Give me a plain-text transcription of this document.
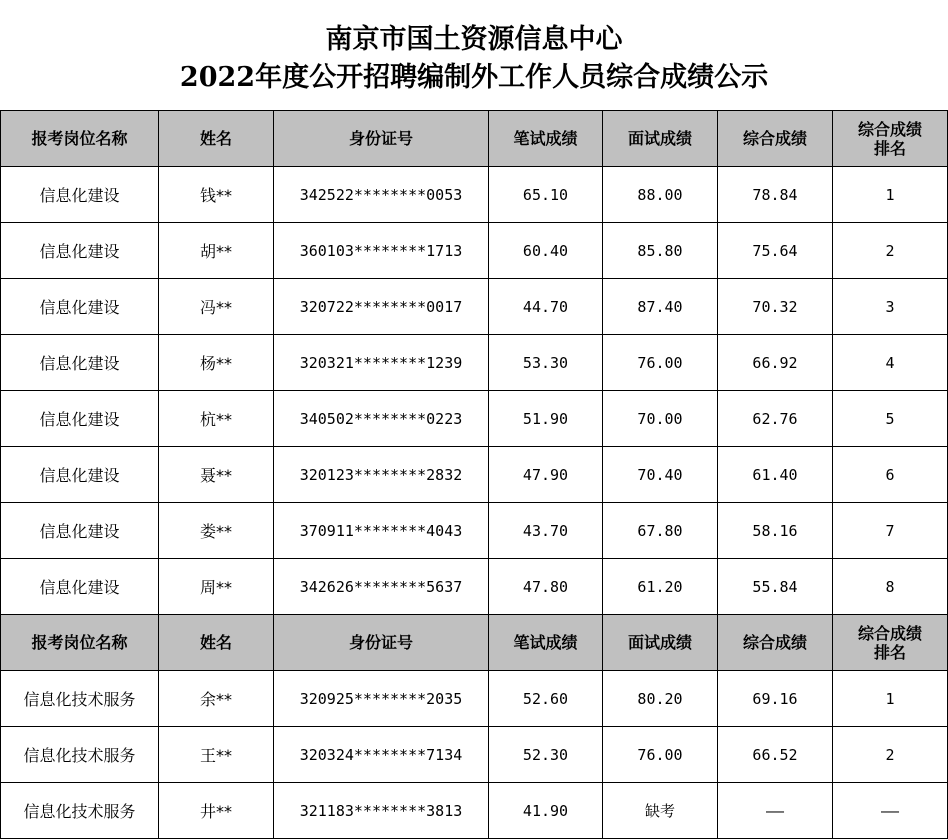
南京市国土资源信息中心
2022年度公开招聘编制外工作人员综合成绩公示
报考岗位名称	姓名	身份证号	笔试成绩	面试成绩	综合成绩	综合成绩
排名
信息化建设	钱**	342522********0053	65.10	88.00	78.84	1
信息化建设	胡**	360103********1713	60.40	85.80	75.64	2
信息化建设	冯**	320722********0017	44.70	87.40	70.32	3
信息化建设	杨**	320321********1239	53.30	76.00	66.92	4
信息化建设	杭**	340502********0223	51.90	70.00	62.76	5
信息化建设	聂**	320123********2832	47.90	70.40	61.40	6
信息化建设	娄**	370911********4043	43.70	67.80	58.16	7
信息化建设	周**	342626********5637	47.80	61.20	55.84	8
报考岗位名称	姓名	身份证号	笔试成绩	面试成绩	综合成绩	综合成绩
排名
信息化技术服务	余**	320925********2035	52.60	80.20	69.16	1
信息化技术服务	王**	320324********7134	52.30	76.00	66.52	2
信息化技术服务	井**	321183********3813	41.90	缺考	——	——
